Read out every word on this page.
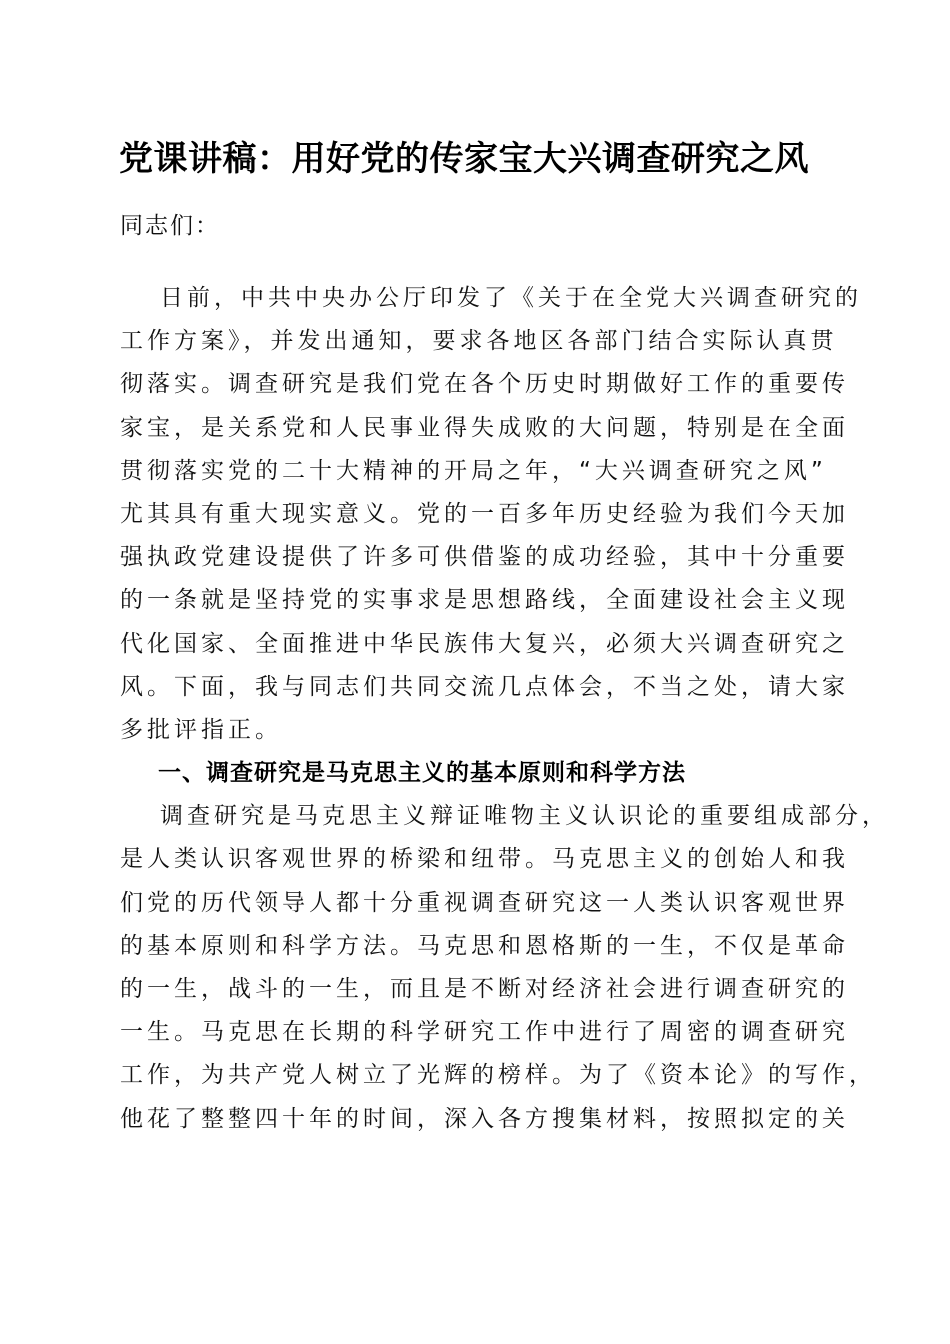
党课讲稿：用好党的传家宝大兴调查研究之风
同志们：
日前，中共中央办公厅印发了《关于在全党大兴调查研究的
工作方案》，并发出通知，要求各地区各部门结合实际认真贯
彻落实。调查研究是我们党在各个历史时期做好工作的重要传
家宝，是关系党和人民事业得失成败的大问题，特别是在全面
贯彻落实党的二十大精神的开局之年，“大兴调查研究之风”
尤其具有重大现实意义。党的一百多年历史经验为我们今天加
强执政党建设提供了许多可供借鉴的成功经验，其中十分重要
的一条就是坚持党的实事求是思想路线，全面建设社会主义现
代化国家、全面推进中华民族伟大复兴，必须大兴调查研究之
风。下面，我与同志们共同交流几点体会，不当之处，请大家
多批评指正。
一、调查研究是马克思主义的基本原则和科学方法
调查研究是马克思主义辩证唯物主义认识论的重要组成部分，
是人类认识客观世界的桥梁和纽带。马克思主义的创始人和我
们党的历代领导人都十分重视调查研究这一人类认识客观世界
的基本原则和科学方法。马克思和恩格斯的一生，不仅是革命
的一生，战斗的一生，而且是不断对经济社会进行调查研究的
一生。马克思在长期的科学研究工作中进行了周密的调查研究
工作，为共产党人树立了光辉的榜样。为了《资本论》的写作，
他花了整整四十年的时间，深入各方搜集材料，按照拟定的关
